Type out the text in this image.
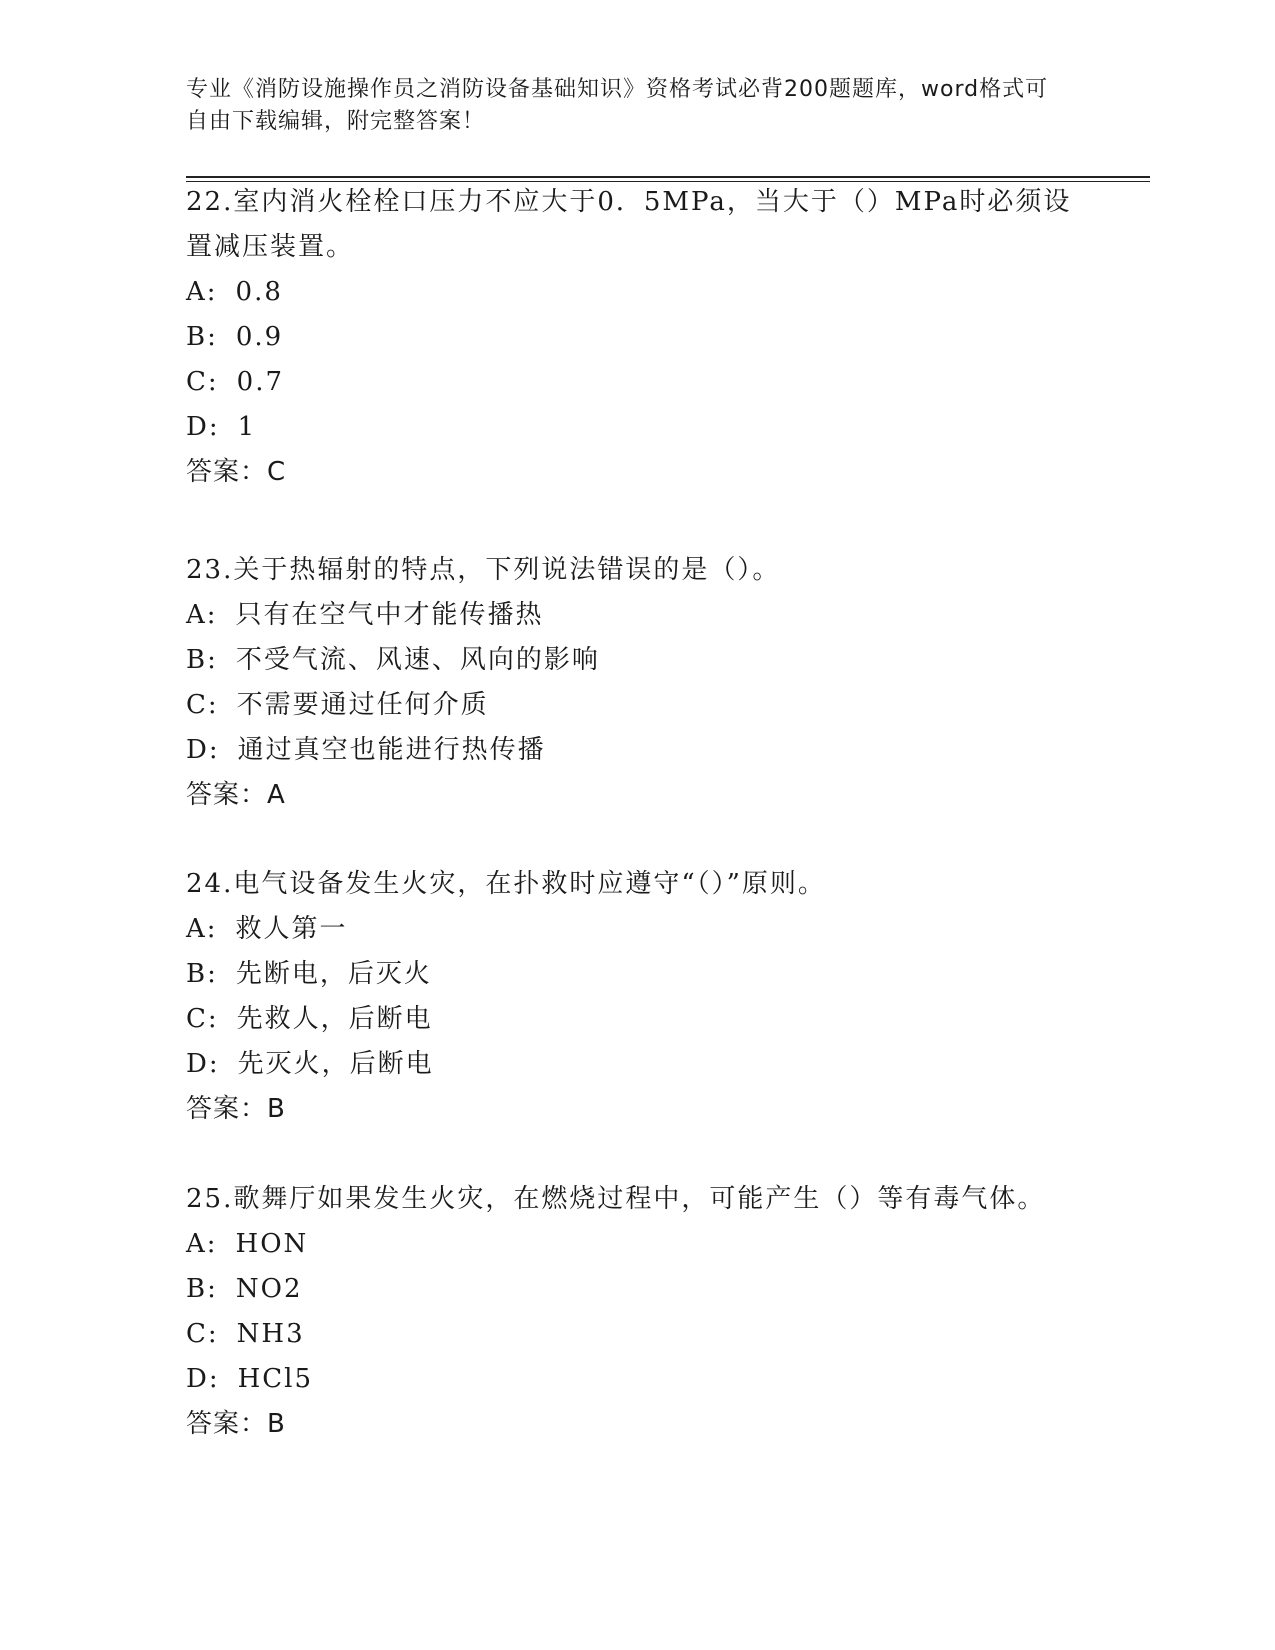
专业《消防设施操作员之消防设备基础知识》资格考试必背200题题库，word格式可自由下载编辑，附完整答案！

22.室内消火栓栓口压力不应大于0．5MPa，当大于（）MPa时必须设置减压装置。

A: 0.8

B: 0.9

C: 0.7

D: 1

答案：C

23.关于热辐射的特点，下列说法错误的是（）。

A: 只有在空气中才能传播热

B: 不受气流、风速、风向的影响

C: 不需要通过任何介质

D: 通过真空也能进行热传播

答案：A

24.电气设备发生火灾，在扑救时应遵守“（）”原则。

A: 救人第一

B: 先断电，后灭火

C: 先救人，后断电

D: 先灭火，后断电

答案：B

25.歌舞厅如果发生火灾，在燃烧过程中，可能产生（）等有毒气体。

A: HON

B: NO2

C: NH3

D: HCl5

答案：B
